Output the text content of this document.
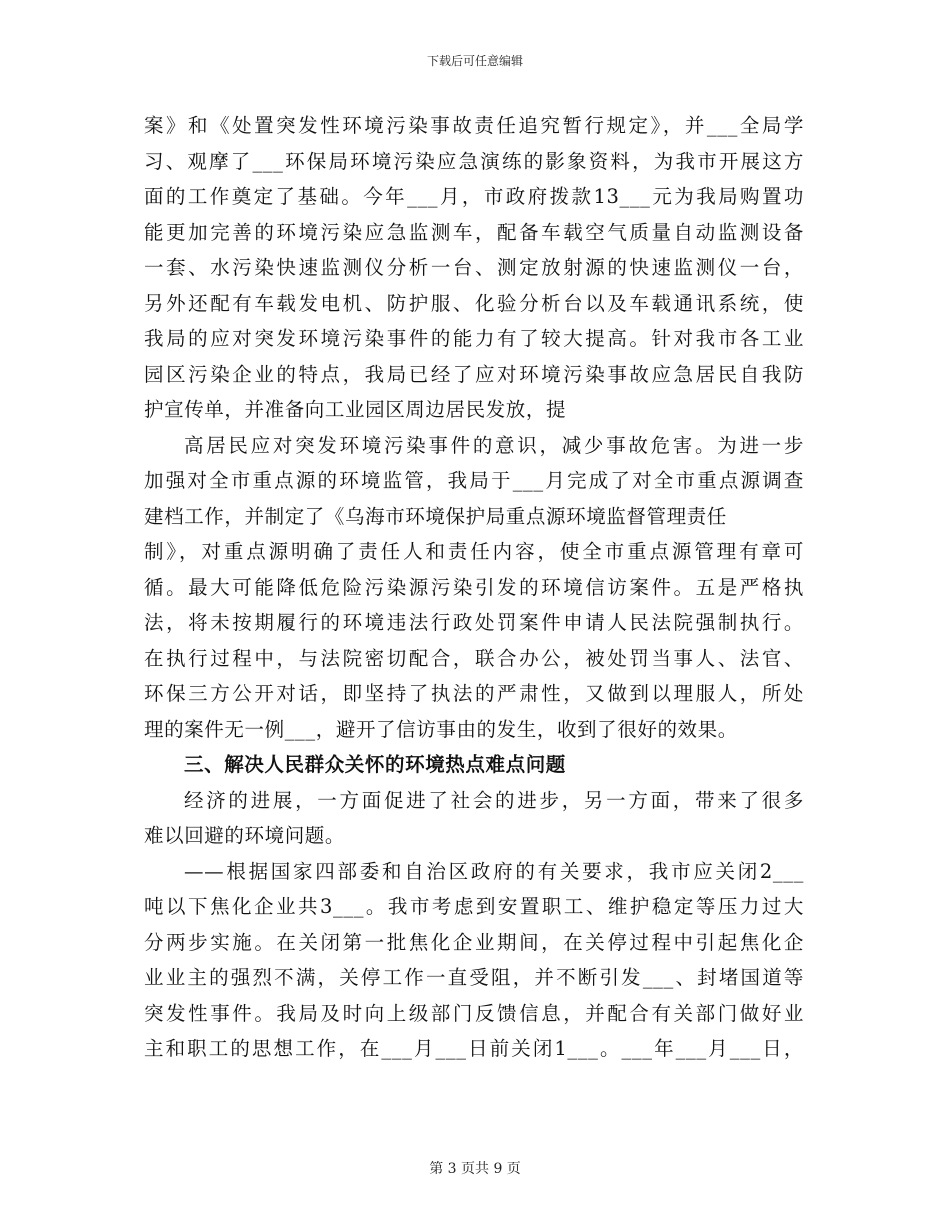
下载后可任意编辑
案》和《处置突发性环境污染事故责任追究暂行规定》，并___全局学
习、观摩了___环保局环境污染应急演练的影象资料，为我市开展这方
面的工作奠定了基础。今年___月，市政府拨款13___元为我局购置功
能更加完善的环境污染应急监测车，配备车载空气质量自动监测设备
一套、水污染快速监测仪分析一台、测定放射源的快速监测仪一台，
另外还配有车载发电机、防护服、化验分析台以及车载通讯系统，使
我局的应对突发环境污染事件的能力有了较大提高。针对我市各工业
园区污染企业的特点，我局已经了应对环境污染事故应急居民自我防
护宣传单，并准备向工业园区周边居民发放，提
高居民应对突发环境污染事件的意识，减少事故危害。为进一步
加强对全市重点源的环境监管，我局于___月完成了对全市重点源调查
建档工作，并制定了《乌海市环境保护局重点源环境监督管理责任
制》，对重点源明确了责任人和责任内容，使全市重点源管理有章可
循。最大可能降低危险污染源污染引发的环境信访案件。五是严格执
法，将未按期履行的环境违法行政处罚案件申请人民法院强制执行。
在执行过程中，与法院密切配合，联合办公，被处罚当事人、法官、
环保三方公开对话，即坚持了执法的严肃性，又做到以理服人，所处
理的案件无一例___，避开了信访事由的发生，收到了很好的效果。
三、解决人民群众关怀的环境热点难点问题
经济的进展，一方面促进了社会的进步，另一方面，带来了很多
难以回避的环境问题。
——根据国家四部委和自治区政府的有关要求，我市应关闭2___
吨以下焦化企业共3___。我市考虑到安置职工、维护稳定等压力过大
分两步实施。在关闭第一批焦化企业期间，在关停过程中引起焦化企
业业主的强烈不满，关停工作一直受阻，并不断引发___、封堵国道等
突发性事件。我局及时向上级部门反馈信息，并配合有关部门做好业
主和职工的思想工作，在___月___日前关闭1___。___年___月___日，
第 3 页共 9 页
